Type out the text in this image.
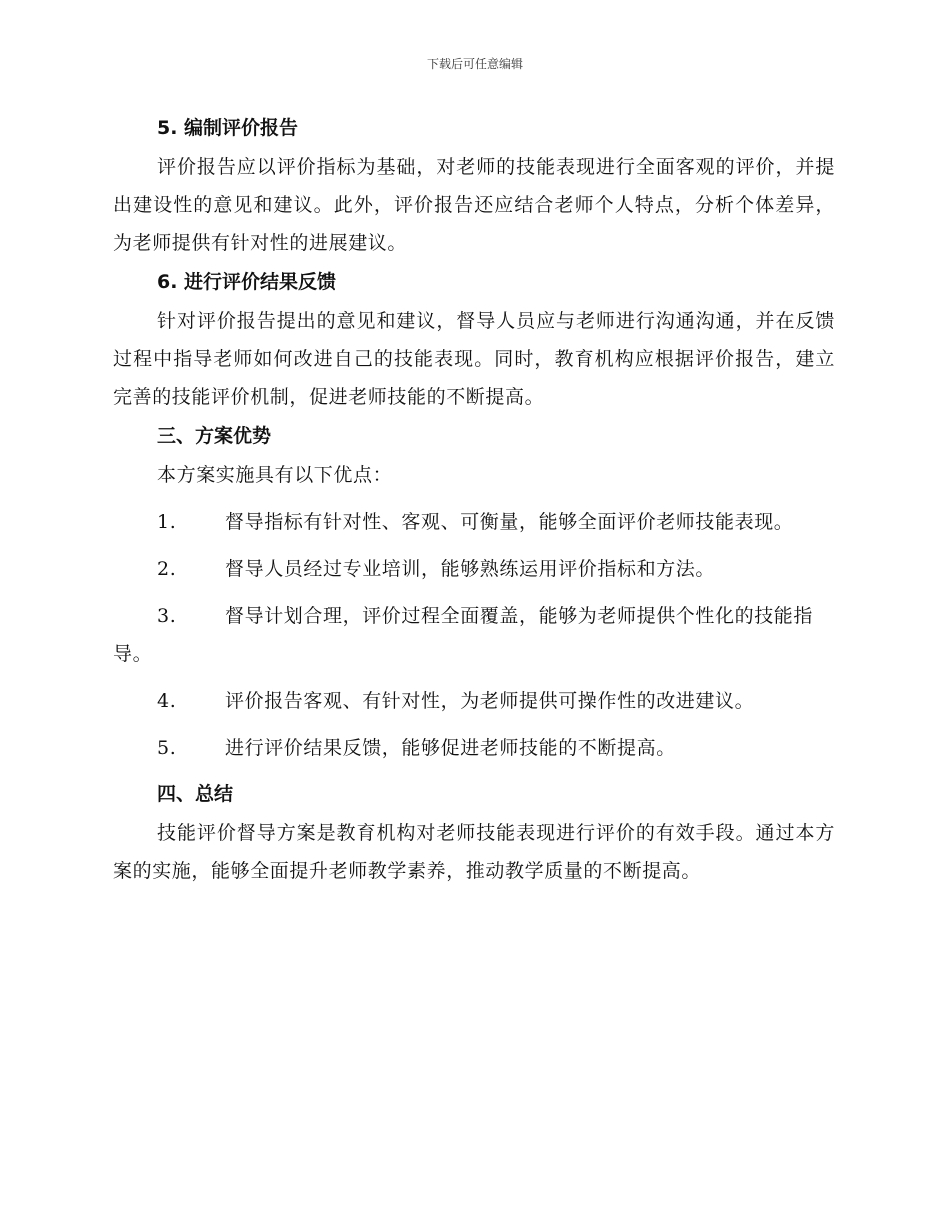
下载后可任意编辑
5. 编制评价报告
评价报告应以评价指标为基础，对老师的技能表现进行全面客观的评价，并提出建设性的意见和建议。此外，评价报告还应结合老师个人特点，分析个体差异，为老师提供有针对性的进展建议。
6. 进行评价结果反馈
针对评价报告提出的意见和建议，督导人员应与老师进行沟通沟通，并在反馈过程中指导老师如何改进自己的技能表现。同时，教育机构应根据评价报告，建立完善的技能评价机制，促进老师技能的不断提高。
三、方案优势
本方案实施具有以下优点：
1.	督导指标有针对性、客观、可衡量，能够全面评价老师技能表现。
2.	督导人员经过专业培训，能够熟练运用评价指标和方法。
3.	督导计划合理，评价过程全面覆盖，能够为老师提供个性化的技能指导。
4.	评价报告客观、有针对性，为老师提供可操作性的改进建议。
5.	进行评价结果反馈，能够促进老师技能的不断提高。
四、总结
技能评价督导方案是教育机构对老师技能表现进行评价的有效手段。通过本方案的实施，能够全面提升老师教学素养，推动教学质量的不断提高。
